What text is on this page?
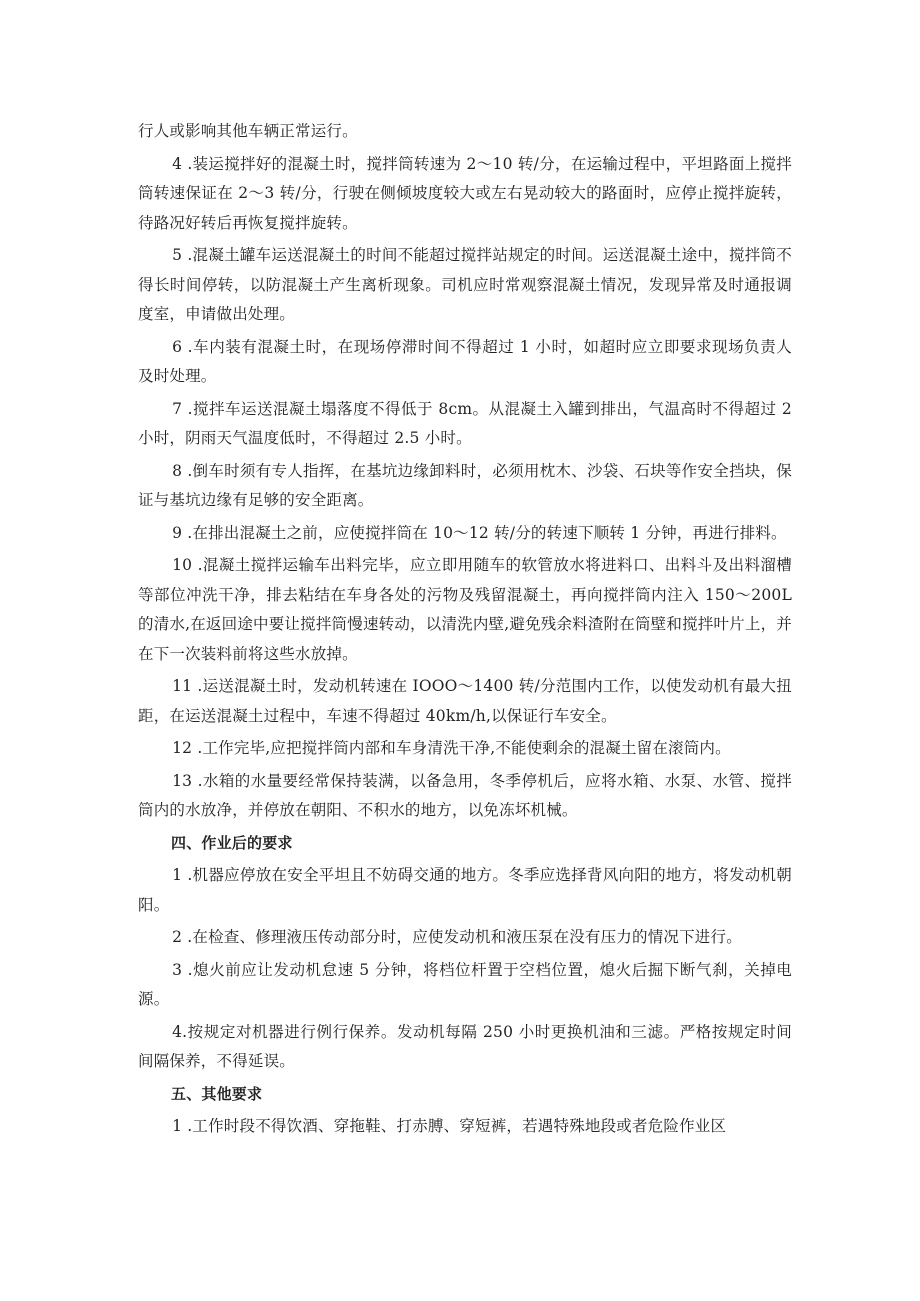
行人或影响其他车辆正常运行。

4 .装运搅拌好的混凝土时，搅拌筒转速为 2～10 转/分，在运输过程中，平坦路面上搅拌筒转速保证在 2～3 转/分，行驶在侧倾坡度较大或左右晃动较大的路面时，应停止搅拌旋转，待路况好转后再恢复搅拌旋转。

5 .混凝土罐车运送混凝土的时间不能超过搅拌站规定的时间。运送混凝土途中，搅拌筒不得长时间停转，以防混凝土产生离析现象。司机应时常观察混凝土情况，发现异常及时通报调度室，申请做出处理。

6 .车内装有混凝土时，在现场停滞时间不得超过 1 小时，如超时应立即要求现场负责人及时处理。

7 .搅拌车运送混凝土塌落度不得低于 8cm。从混凝土入罐到排出，气温高时不得超过 2 小时，阴雨天气温度低时，不得超过 2.5 小时。

8 .倒车时须有专人指挥，在基坑边缘卸料时，必须用枕木、沙袋、石块等作安全挡块，保证与基坑边缘有足够的安全距离。

9 .在排出混凝土之前，应使搅拌筒在 10～12 转/分的转速下顺转 1 分钟，再进行排料。

10 .混凝土搅拌运输车出料完毕，应立即用随车的软管放水将进料口、出料斗及出料溜槽等部位冲洗干净，排去粘结在车身各处的污物及残留混凝土，再向搅拌筒内注入 150～200L 的清水,在返回途中要让搅拌筒慢速转动，以清洗内壁,避免残余料渣附在筒壁和搅拌叶片上，并在下一次装料前将这些水放掉。

11 .运送混凝土时，发动机转速在 IOOO～1400 转/分范围内工作，以使发动机有最大扭距，在运送混凝土过程中，车速不得超过 40km/h,以保证行车安全。

12 .工作完毕,应把搅拌筒内部和车身清洗干净,不能使剩余的混凝土留在滚筒内。

13 .水箱的水量要经常保持装满，以备急用，冬季停机后，应将水箱、水泵、水管、搅拌筒内的水放净，并停放在朝阳、不积水的地方，以免冻坏机械。

四、作业后的要求

1 .机器应停放在安全平坦且不妨碍交通的地方。冬季应选择背风向阳的地方，将发动机朝阳。

2 .在检查、修理液压传动部分时，应使发动机和液压泵在没有压力的情况下进行。

3 .熄火前应让发动机怠速 5 分钟，将档位杆置于空档位置，熄火后掘下断气刹，关掉电源。

4.按规定对机器进行例行保养。发动机每隔 250 小时更换机油和三滤。严格按规定时间间隔保养，不得延误。

五、其他要求

1 .工作时段不得饮酒、穿拖鞋、打赤膊、穿短裤，若遇特殊地段或者危险作业区
